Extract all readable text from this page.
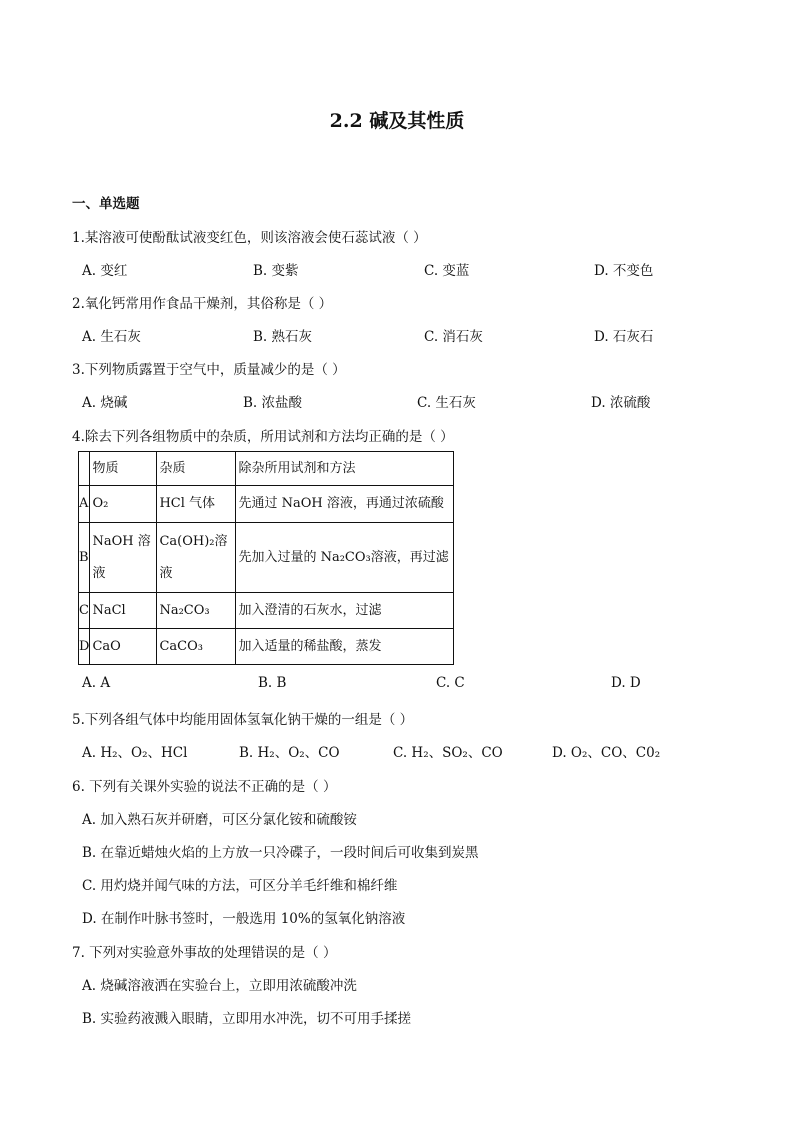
2.2 碱及其性质
一、单选题
1.某溶液可使酚酞试液变红色，则该溶液会使石蕊试液（ ）
A. 变红	B. 变紫	C. 变蓝	D. 不变色
2.氧化钙常用作食品干燥剂，其俗称是（ ）
A. 生石灰	B. 熟石灰	C. 消石灰	D. 石灰石
3.下列物质露置于空气中，质量减少的是（ ）
A. 烧碱	B. 浓盐酸	C. 生石灰	D. 浓硫酸
4.除去下列各组物质中的杂质，所用试剂和方法均正确的是（ ）
	物质	杂质	除杂所用试剂和方法
A	O₂	HCl 气体	先通过 NaOH 溶液，再通过浓硫酸
B	NaOH 溶液	Ca(OH)₂溶液	先加入过量的 Na₂CO₃溶液，再过滤
C	NaCl	Na₂CO₃	加入澄清的石灰水，过滤
D	CaO	CaCO₃	加入适量的稀盐酸，蒸发
A. A	B. B	C. C	D. D
5.下列各组气体中均能用固体氢氧化钠干燥的一组是（ ）
A. H₂、O₂、HCl	B. H₂、O₂、CO	C. H₂、SO₂、CO	D. O₂、CO、C0₂
6. 下列有关课外实验的说法不正确的是（ ）
A. 加入熟石灰并研磨，可区分氯化铵和硫酸铵
B. 在靠近蜡烛火焰的上方放一只冷碟子，一段时间后可收集到炭黑
C. 用灼烧并闻气味的方法，可区分羊毛纤维和棉纤维
D. 在制作叶脉书签时，一般选用 10%的氢氧化钠溶液
7. 下列对实验意外事故的处理错误的是（ ）
A. 烧碱溶液洒在实验台上，立即用浓硫酸冲洗
B. 实验药液溅入眼睛，立即用水冲洗，切不可用手揉搓
